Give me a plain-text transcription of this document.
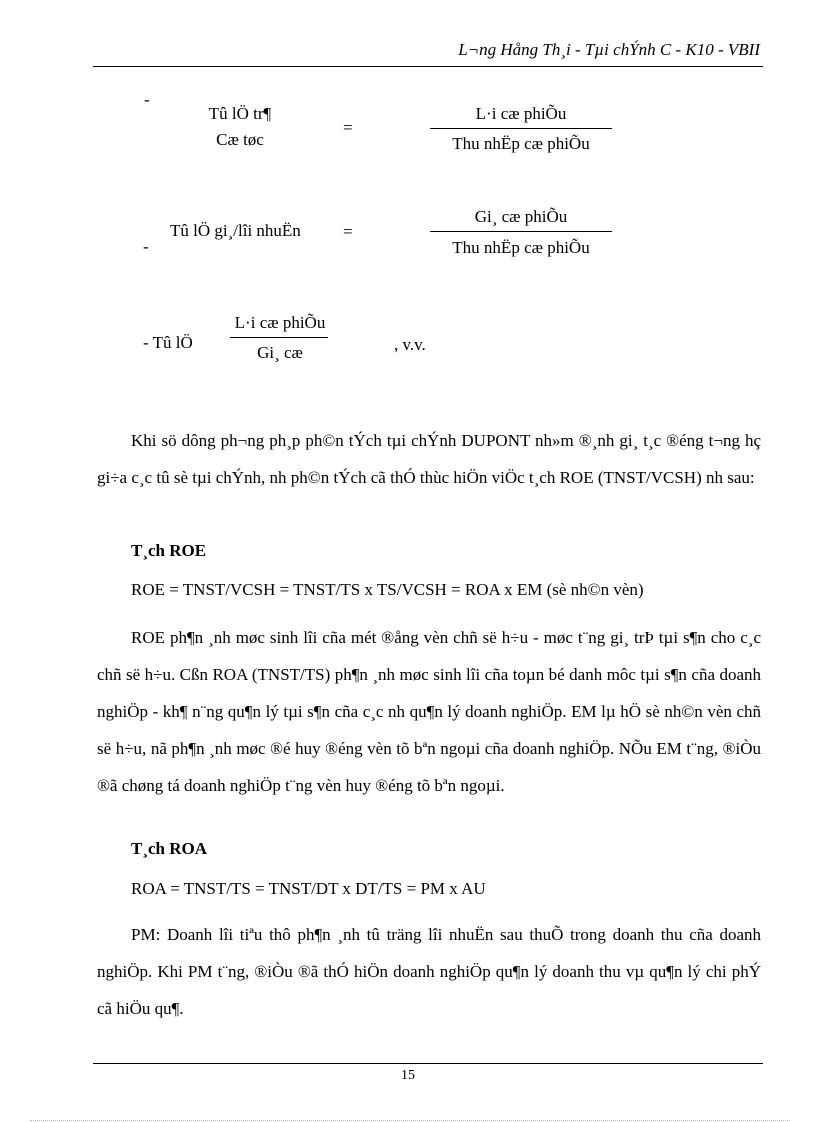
L¬ng Hång Th¸i - Tµi chÝnh C - K10 - VBII
-
Tû lÖ tr¶
Cæ tøc
=
L·i cæ phiÕu
Thu nhËp cæ phiÕu
Tû lÖ gi¸/lîi nhuËn
-
=
Gi¸ cæ phiÕu
Thu nhËp cæ phiÕu
- Tû lÖ
L·i cæ phiÕu
Gi¸ cæ	, v.v.
Khi sö dông ph¬ng ph¸p ph©n tÝch tµi chÝnh DUPONT nh»m ®¸nh gi¸ t¸c ®éng t¬ng hç gi÷a c¸c tû sè tµi chÝnh, nh ph©n tÝch cã thÓ thùc hiÖn viÖc t¸ch ROE (TNST/VCSH) nh sau:
T¸ch ROE
ROE = TNST/VCSH = TNST/TS x TS/VCSH = ROA x EM (sè nh©n vèn)
ROE ph¶n ¸nh møc sinh lîi cña mét ®ång vèn chñ së h÷u - møc t¨ng gi¸ trÞ tµi s¶n cho c¸c chñ së h÷u. Cßn ROA (TNST/TS) ph¶n ¸nh møc sinh lîi cña toµn bé danh môc tµi s¶n cña doanh nghiÖp - kh¶ n¨ng qu¶n lý tµi s¶n cña c¸c nh qu¶n lý doanh nghiÖp. EM lµ hÖ sè nh©n vèn chñ së h÷u, nã ph¶n ¸nh møc ®é huy ®éng vèn tõ bªn ngoµi cña doanh nghiÖp. NÕu EM t¨ng, ®iÒu ®ã chøng tá doanh nghiÖp t¨ng vèn huy ®éng tõ bªn ngoµi.
T¸ch ROA
ROA = TNST/TS = TNST/DT x DT/TS = PM x AU
PM: Doanh lîi tiªu thô ph¶n ¸nh tû träng lîi nhuËn sau thuÕ trong doanh thu cña doanh nghiÖp. Khi PM t¨ng, ®iÒu ®ã thÓ hiÖn doanh nghiÖp qu¶n lý doanh thu vµ qu¶n lý chi phÝ cã hiÖu qu¶.
15
